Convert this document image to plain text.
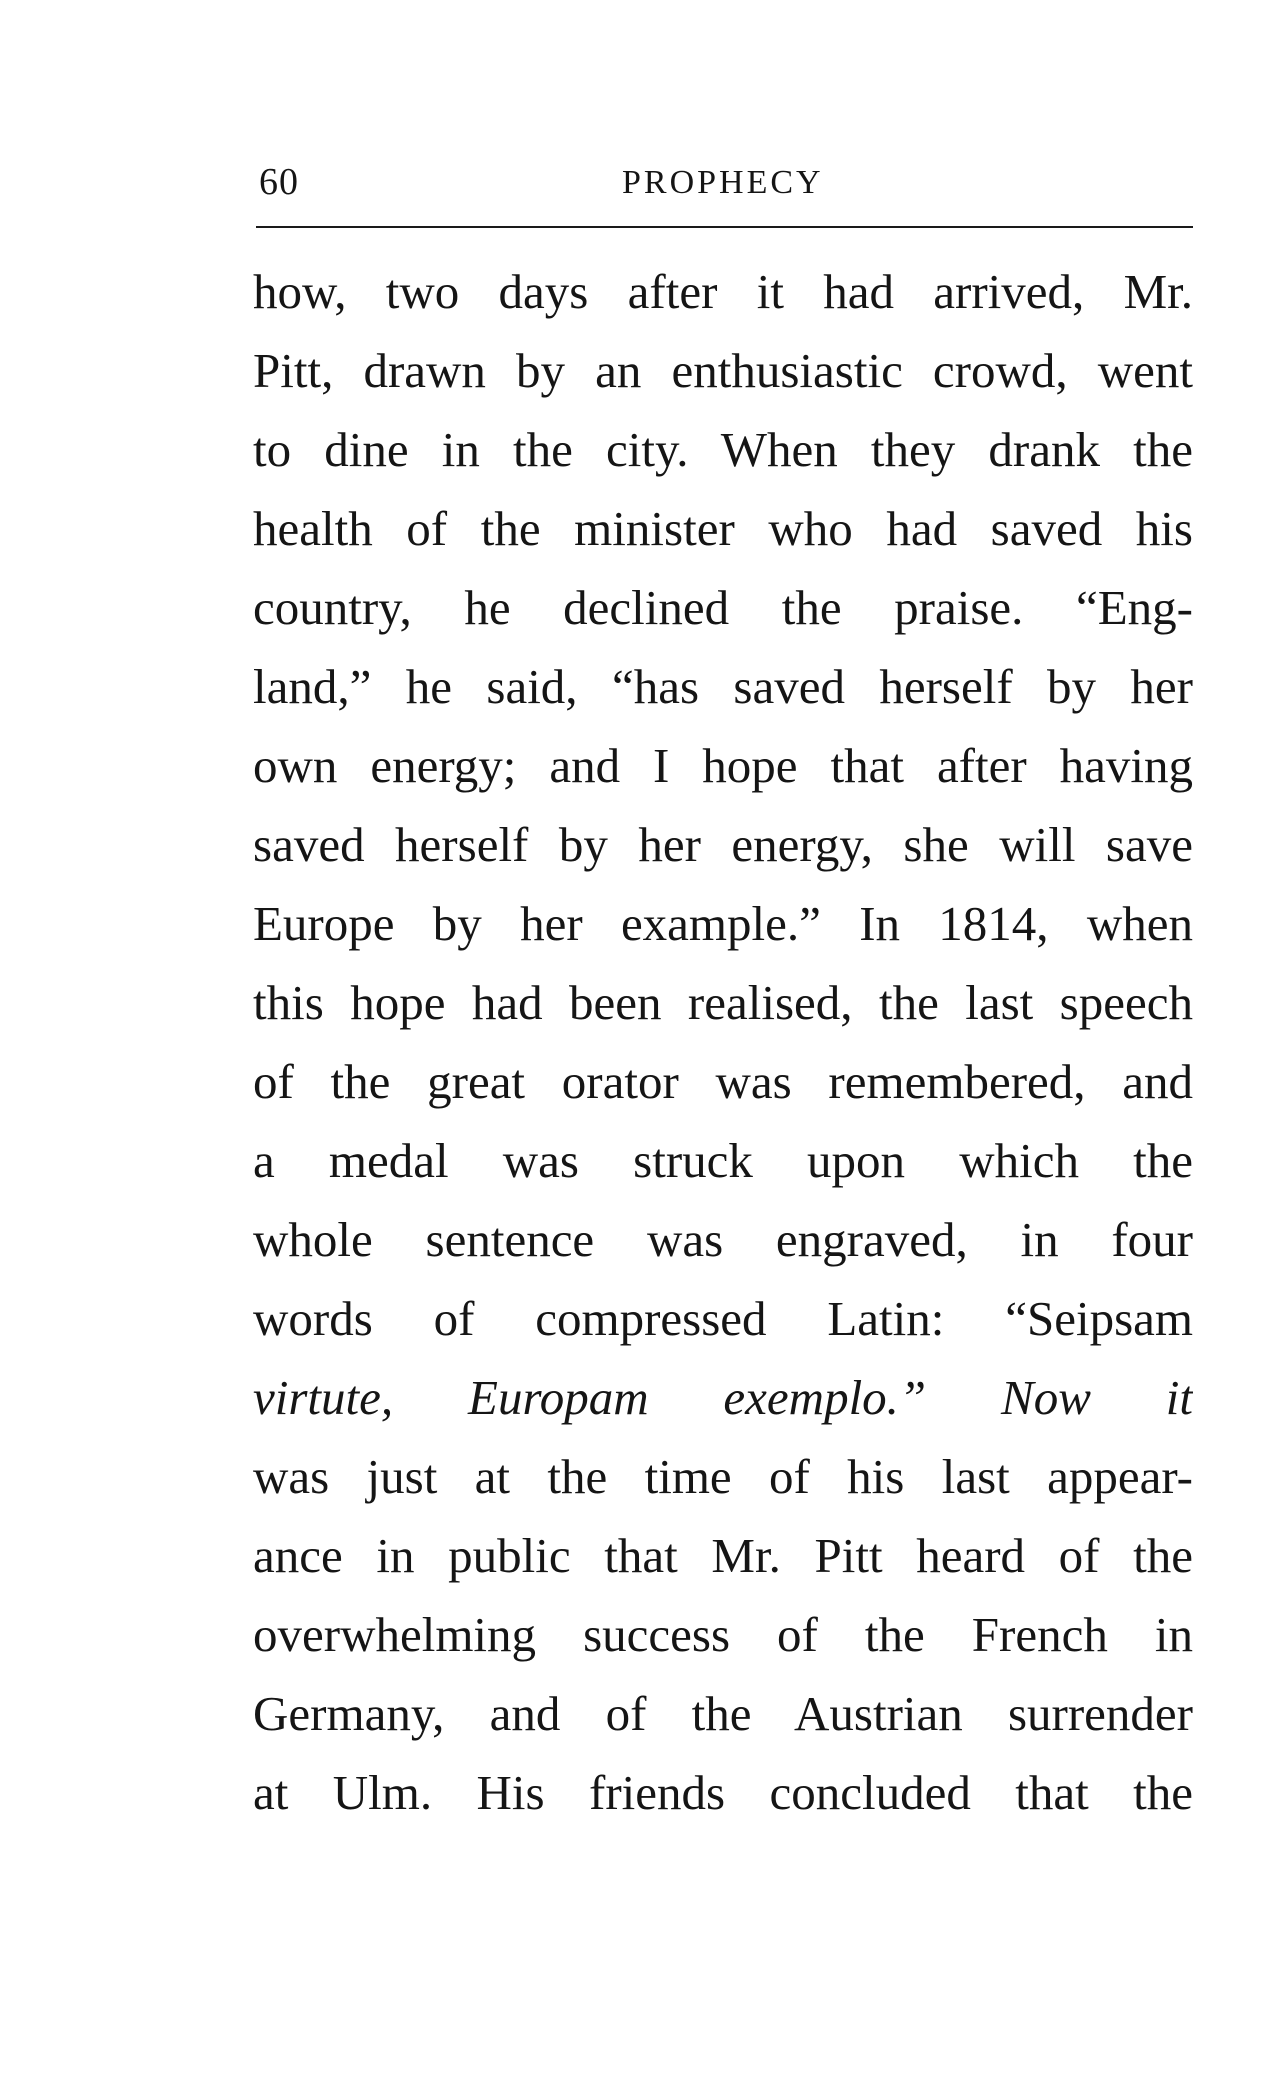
60	PROPHECY
how, two days after it had arrived, Mr.
Pitt, drawn by an enthusiastic crowd, went
to dine in the city. When they drank the
health of the minister who had saved his
country, he declined the praise. “Eng-
land,” he said, “has saved herself by her
own energy; and I hope that after having
saved herself by her energy, she will save
Europe by her example.” In 1814, when
this hope had been realised, the last speech
of the great orator was remembered, and
a medal was struck upon which the
whole sentence was engraved, in four
words of compressed Latin: “Seipsam
virtute, Europam exemplo.” Now it
was just at the time of his last appear-
ance in public that Mr. Pitt heard of the
overwhelming success of the French in
Germany, and of the Austrian surrender
at Ulm. His friends concluded that the
